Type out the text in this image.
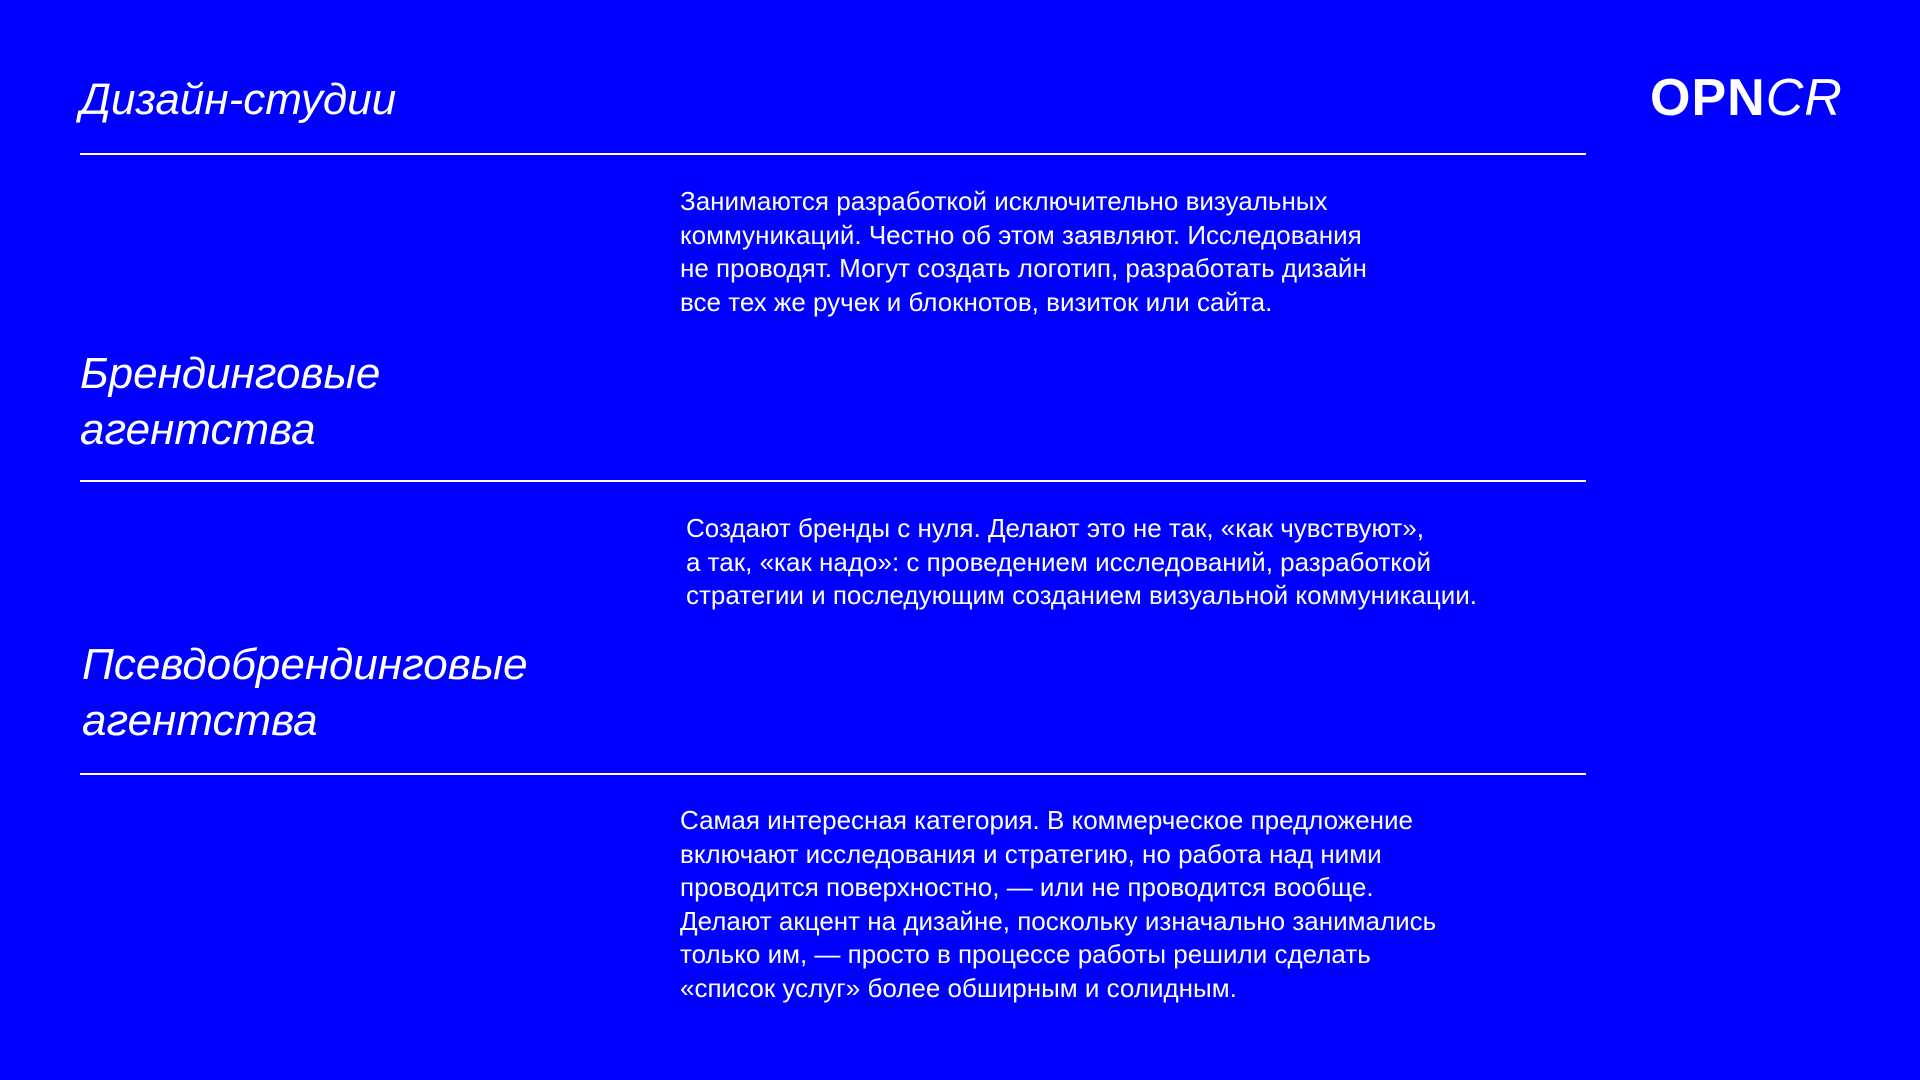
OPNCR
Дизайн-студии

Занимаются разработкой исключительно визуальных
коммуникаций. Честно об этом заявляют. Исследования
не проводят. Могут создать логотип, разработать дизайн
все тех же ручек и блокнотов, визиток или сайта.

Брендинговые
агентства

Создают бренды с нуля. Делают это не так, «как чувствуют»,
а так, «как надо»: с проведением исследований, разработкой
стратегии и последующим созданием визуальной коммуникации.

Псевдобрендинговые
агентства

Самая интересная категория. В коммерческое предложение
включают исследования и стратегию, но работа над ними
проводится поверхностно, — или не проводится вообще.
Делают акцент на дизайне, поскольку изначально занимались
только им, — просто в процессе работы решили сделать
«список услуг» более обширным и солидным.
